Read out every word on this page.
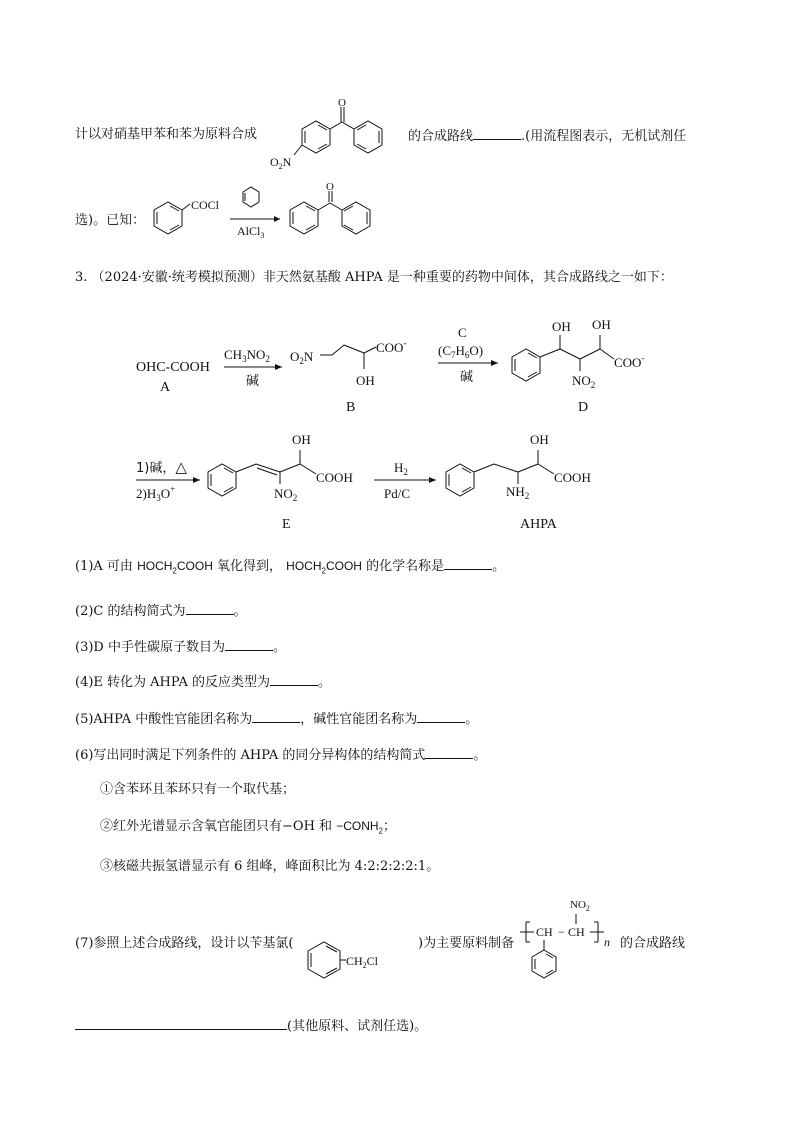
计以对硝基甲苯和苯为原料合成
O
$O_2N$
的合成路线	.(用流程图表示，无机试剂任
选)。已知：
COCl
AlCl$_3$
O
3. （2024·安徽·统考模拟预测）非天然氨基酸 AHPA 是一种重要的药物中间体，其合成路线之一如下：
OHC-COOH
A
$CH_3NO_2$
碱
$O_2N$
COO-
OH
B
C
$(C_7H_6O)$
碱
OH OH
$NO_2$
COO-
D
1)碱，△
$2)H_3O^+$
OH
COOH
$NO_2$
E
$H_2$
Pd/C
OH
COOH
$NH_2$
AHPA
(1)A 可由 $HOCH_2COOH$ 氧化得到， $HOCH_2COOH$ 的化学名称是	。
(2)C 的结构简式为	。
(3)D 中手性碳原子数目为	。
(4)E 转化为 AHPA 的反应类型为	。
(5)AHPA 中酸性官能团名称为	，碱性官能团名称为	。
(6)写出同时满足下列条件的 AHPA 的同分异构体的结构简式	。
①含苯环且苯环只有一个取代基；
②红外光谱显示含氧官能团只有−OH 和 $-CONH_2$；
③核磁共振氢谱显示有 6 组峰，峰面积比为 4:2:2:2:2:1。
(7)参照上述合成路线，设计以苄基氯(
$CH_2Cl$
)为主要原料制备
CH − CH
$NO_2$
n 的合成路线
(其他原料、试剂任选)。
